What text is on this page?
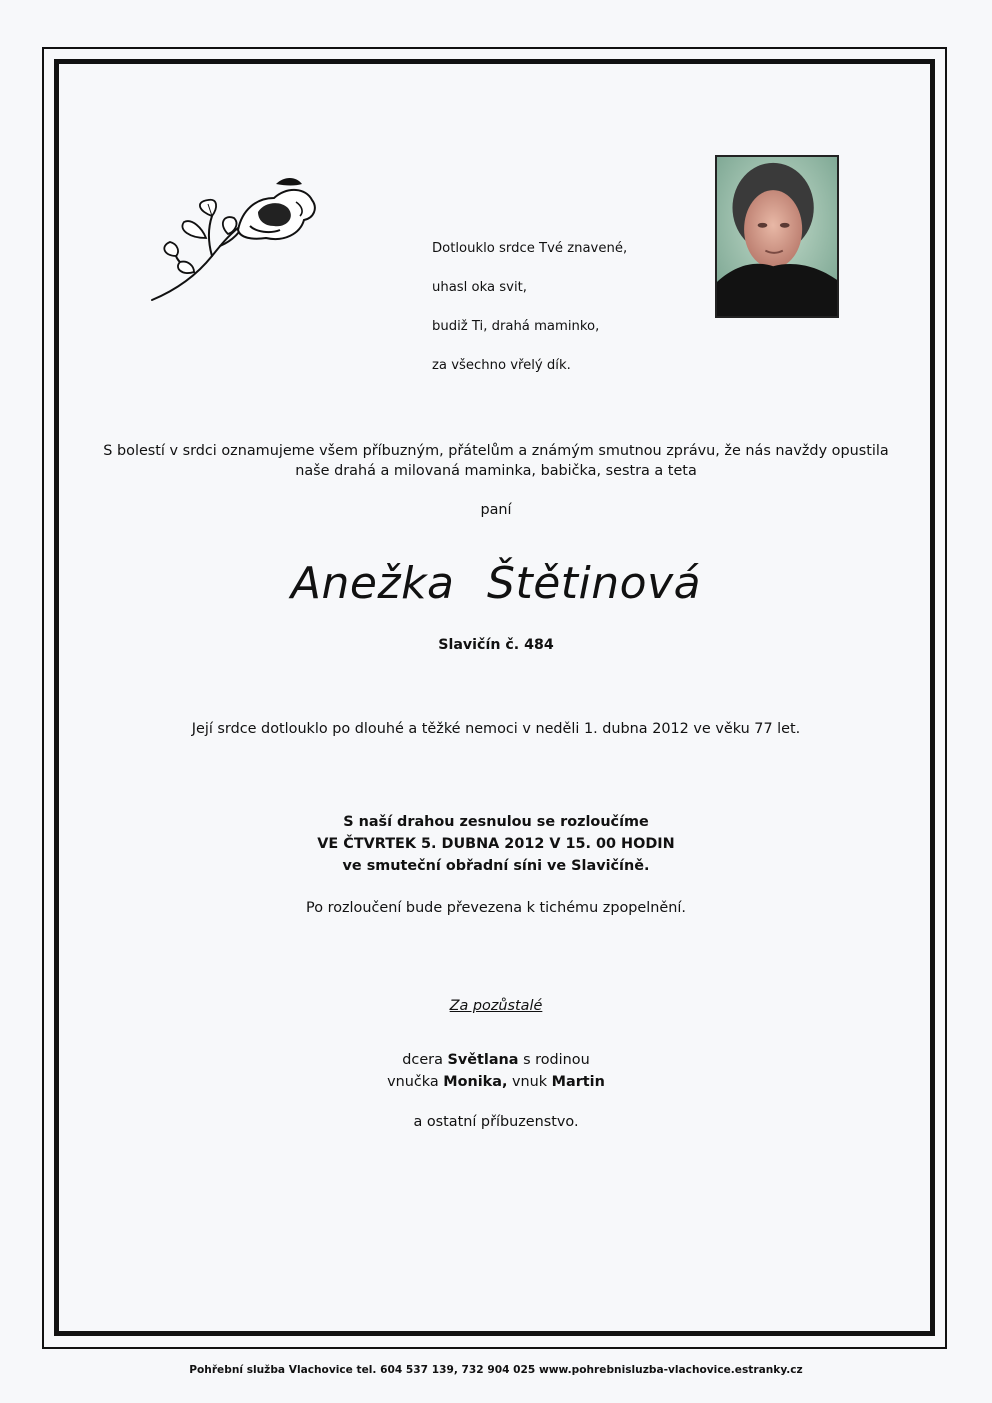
Dotlouklo srdce Tvé znavené,

uhasl oka svit,

budiž Ti, drahá maminko,

za všechno vřelý dík.

S bolestí v srdci oznamujeme všem příbuzným, přátelům a známým smutnou zprávu, že nás navždy opustila
naše drahá a milovaná maminka, babička, sestra a teta
paní
Anežka Štětinová
Slavičín č. 484
Její srdce dotlouklo po dlouhé a těžké nemoci v neděli 1. dubna 2012 ve věku 77 let.
S naší drahou zesnulou se rozloučíme
VE ČTVRTEK 5. DUBNA 2012 V 15. 00 HODIN
ve smuteční obřadní síni ve Slavičíně.
Po rozloučení bude převezena k tichému zpopelnění.
Za pozůstalé
dcera Světlana s rodinou
vnučka Monika, vnuk Martin
a ostatní příbuzenstvo.
Pohřební služba Vlachovice tel. 604 537 139, 732 904 025 www.pohrebnisluzba-vlachovice.estranky.cz
